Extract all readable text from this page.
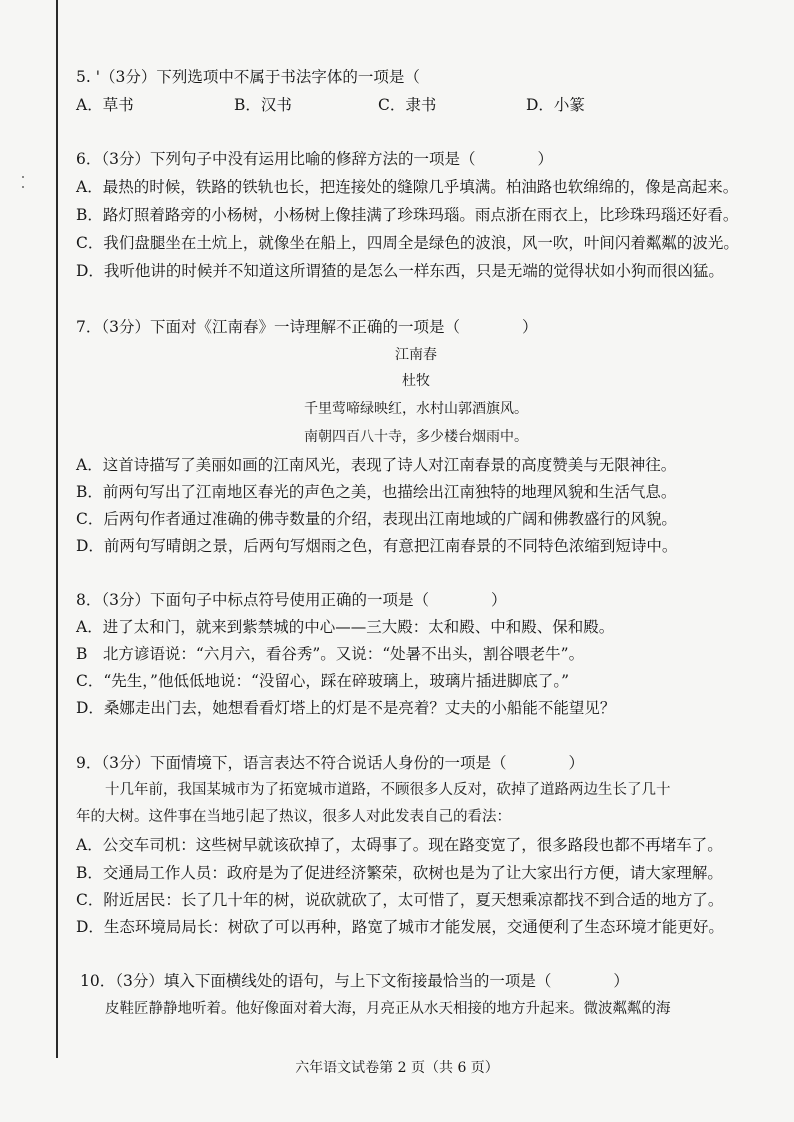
5. '（3分）下列选项中不属于书法字体的一项是（
A．草书	B．汉书	C．隶书	D．小篆
6．（3分）下列句子中没有运用比喻的修辞方法的一项是（　　　　）
A．最热的时候，铁路的铁轨也长，把连接处的缝隙几乎填满。柏油路也软绵绵的，像是高起来。
B．路灯照着路旁的小杨树，小杨树上像挂满了珍珠玛瑙。雨点浙在雨衣上，比珍珠玛瑙还好看。
C．我们盘腿坐在土炕上，就像坐在船上，四周全是绿色的波浪，风一吹，叶间闪着粼粼的波光。
D．我听他讲的时候并不知道这所谓猹的是怎么一样东西，只是无端的觉得状如小狗而很凶猛。
7．（3分）下面对《江南春》一诗理解不正确的一项是（　　　　）
江南春
杜牧
千里莺啼绿映红，水村山郭酒旗风。
南朝四百八十寺，多少楼台烟雨中。
A．这首诗描写了美丽如画的江南风光，表现了诗人对江南春景的高度赞美与无限神往。
B．前两句写出了江南地区春光的声色之美，也描绘出江南独特的地理风貌和生活气息。
C．后两句作者通过准确的佛寺数量的介绍，表现出江南地域的广阔和佛教盛行的风貌。
D．前两句写晴朗之景，后两句写烟雨之色，有意把江南春景的不同特色浓缩到短诗中。
8．（3分）下面句子中标点符号使用正确的一项是（　　　　）
A．进了太和门，就来到紫禁城的中心——三大殿：太和殿、中和殿、保和殿。
B　北方谚语说：“六月六，看谷秀”。又说：“处暑不出头，割谷喂老牛”。
C．“先生，”他低低地说：“没留心，踩在碎玻璃上，玻璃片插进脚底了。”
D．桑娜走出门去，她想看看灯塔上的灯是不是亮着？丈夫的小船能不能望见？
9．（3分）下面情境下，语言表达不符合说话人身份的一项是（　　　　）
　　十几年前，我国某城市为了拓宽城市道路，不顾很多人反对，砍掉了道路两边生长了几十
年的大树。这件事在当地引起了热议，很多人对此发表自己的看法：
A．公交车司机：这些树早就该砍掉了，太碍事了。现在路变宽了，很多路段也都不再堵车了。
B．交通局工作人员：政府是为了促进经济繁荣，砍树也是为了让大家出行方便，请大家理解。
C．附近居民：长了几十年的树，说砍就砍了，太可惜了，夏天想乘凉都找不到合适的地方了。
D．生态环境局局长：树砍了可以再种，路宽了城市才能发展，交通便利了生态环境才能更好。
10．（3分）填入下面横线处的语句，与上下文衔接最恰当的一项是（　　　　）
　　皮鞋匠静静地听着。他好像面对着大海，月亮正从水天相接的地方升起来。微波粼粼的海
六年语文试卷第 2 页（共 6 页）
